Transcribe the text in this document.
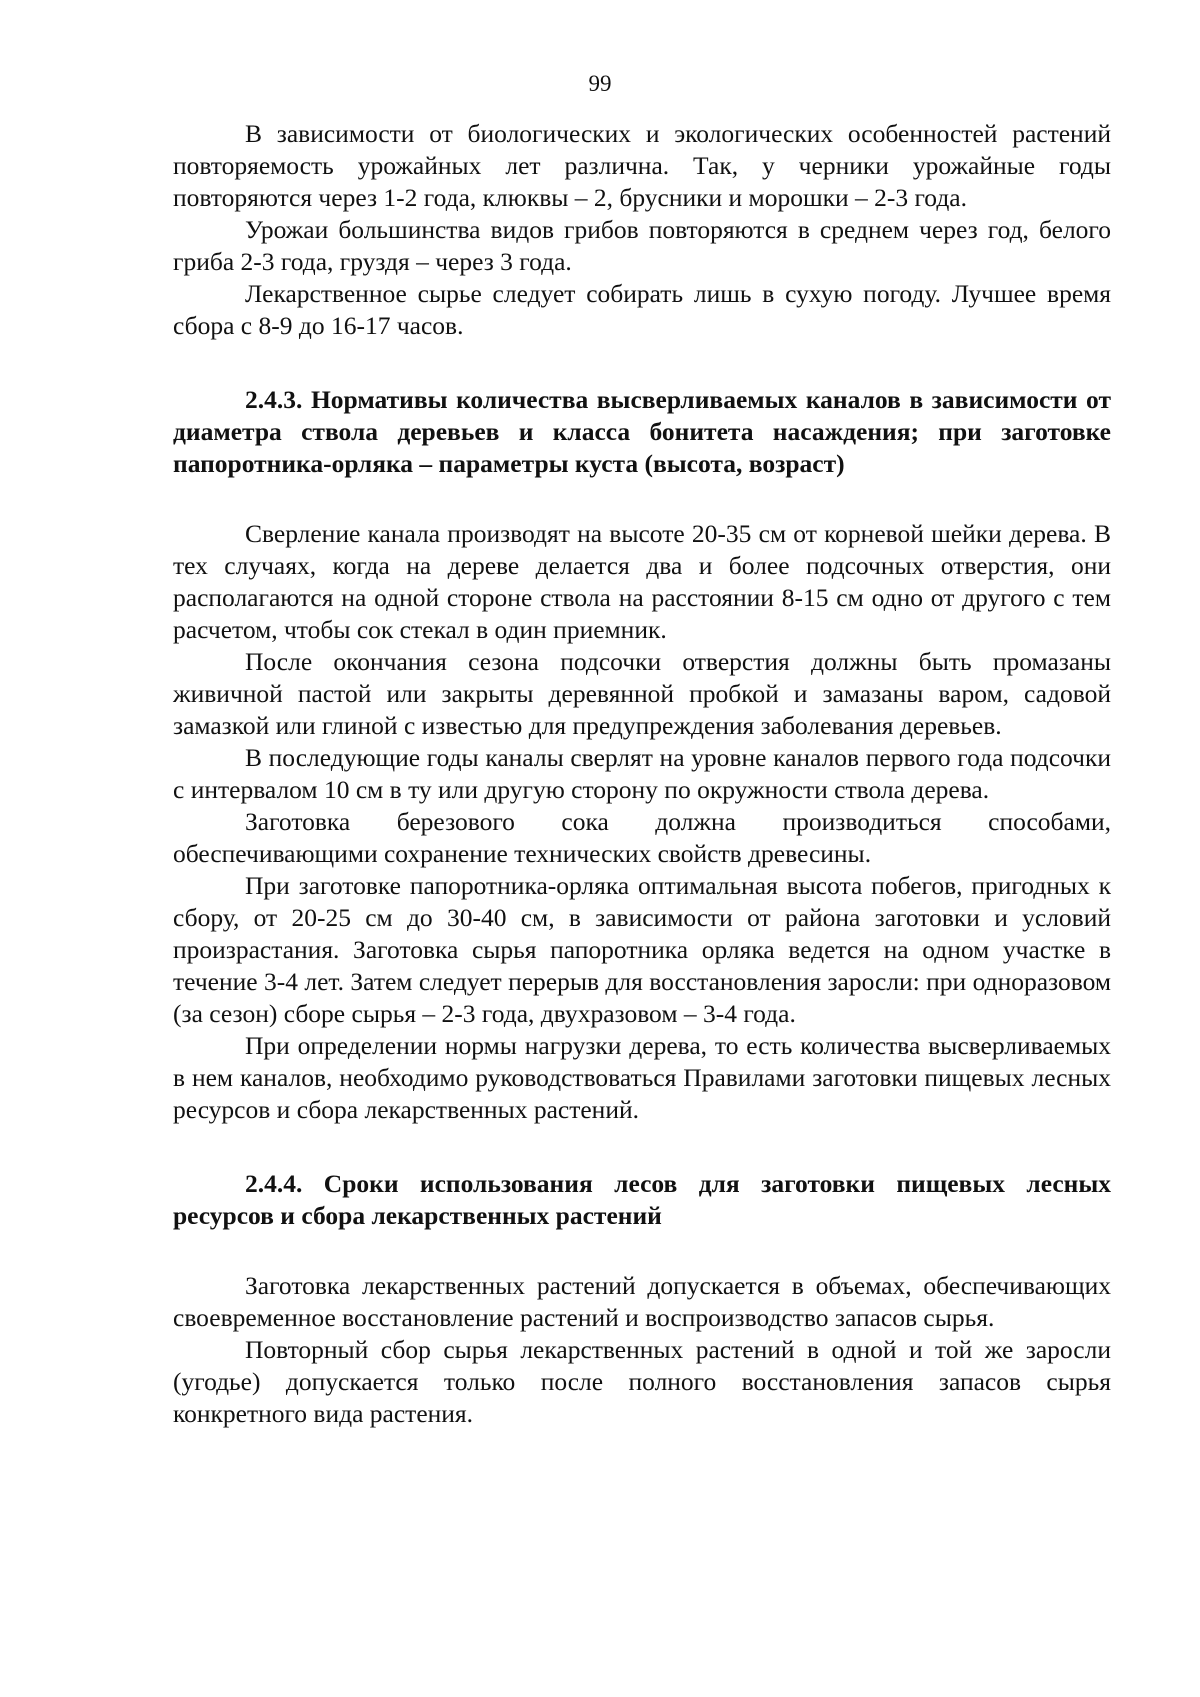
99

В зависимости от биологических и экологических особенностей растений повторяемость урожайных лет различна. Так, у черники урожайные годы повторяются через 1-2 года, клюквы – 2, брусники и морошки – 2-3 года.

Урожаи большинства видов грибов повторяются в среднем через год, белого гриба 2-3 года, груздя – через 3 года.

Лекарственное сырье следует собирать лишь в сухую погоду. Лучшее время сбора с 8-9 до 16-17 часов.

2.4.3. Нормативы количества высверливаемых каналов в зависимости от диаметра ствола деревьев и класса бонитета насаждения; при заготовке папоротника-орляка – параметры куста (высота, возраст)

Сверление канала производят на высоте 20-35 см от корневой шейки дерева. В тех случаях, когда на дереве делается два и более подсочных отверстия, они располагаются на одной стороне ствола на расстоянии 8-15 см одно от другого с тем расчетом, чтобы сок стекал в один приемник.

После окончания сезона подсочки отверстия должны быть промазаны живичной пастой или закрыты деревянной пробкой и замазаны варом, садовой замазкой или глиной с известью для предупреждения заболевания деревьев.

В последующие годы каналы сверлят на уровне каналов первого года подсочки с интервалом 10 см в ту или другую сторону по окружности ствола дерева.

Заготовка березового сока должна производиться способами, обеспечивающими сохранение технических свойств древесины.

При заготовке папоротника-орляка оптимальная высота побегов, пригодных к сбору, от 20-25 см до 30-40 см, в зависимости от района заготовки и условий произрастания. Заготовка сырья папоротника орляка ведется на одном участке в течение 3-4 лет. Затем следует перерыв для восстановления заросли: при одноразовом (за сезон) сборе сырья – 2-3 года, двухразовом – 3-4 года.

При определении нормы нагрузки дерева, то есть количества высверливаемых в нем каналов, необходимо руководствоваться Правилами заготовки пищевых лесных ресурсов и сбора лекарственных растений.

2.4.4. Сроки использования лесов для заготовки пищевых лесных ресурсов и сбора лекарственных растений

Заготовка лекарственных растений допускается в объемах, обеспечивающих своевременное восстановление растений и воспроизводство запасов сырья.

Повторный сбор сырья лекарственных растений в одной и той же заросли (угодье) допускается только после полного восстановления запасов сырья конкретного вида растения.
